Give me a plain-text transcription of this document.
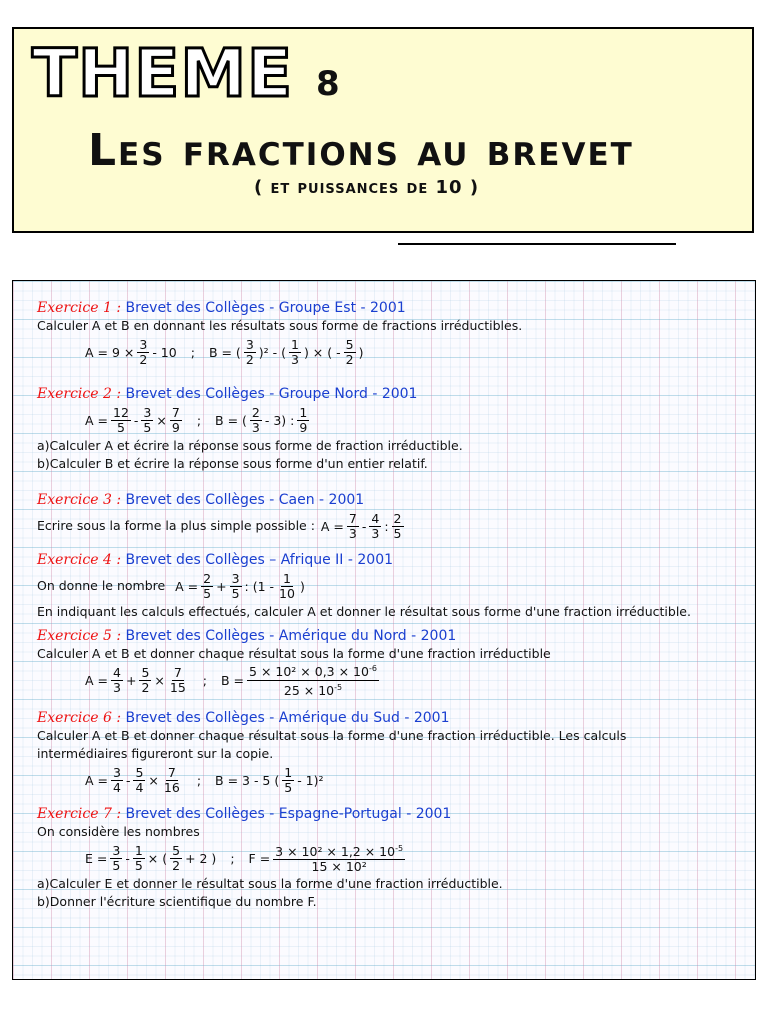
THEME 8
Les fractions au brevet
( et puissances de 10 )
Exercice 1 : Brevet des Collèges - Groupe Est - 2001
Calculer A et B en donnant les résultats sous forme de fractions irréductibles.
$A = 9 \times \frac{3}{2} - 10$ ; B = ( $\frac{3}{2} )^2$ - ( $\frac{1}{3}$ ) × ( - $\frac{5}{2}$ )
Exercice 2 : Brevet des Collèges - Groupe Nord - 2001
$A = \frac{12}{5} - \frac{3}{5} \times \frac{7}{9}$ ; B = ( $\frac{2}{3} - 3$) : $\frac{1}{9}$
a)Calculer A et écrire la réponse sous forme de fraction irréductible.
b)Calculer B et écrire la réponse sous forme d'un entier relatif.
Exercice 3 : Brevet des Collèges - Caen - 2001
Ecrire sous la forme la plus simple possible : $A = \frac{7}{3} - \frac{4}{3}$ : $\frac{2}{5}$
Exercice 4 : Brevet des Collèges – Afrique II - 2001
On donne le nombre $A = \frac{2}{5} + \frac{3}{5}$ : ($1 - \frac{1}{10}$ )
En indiquant les calculs effectués, calculer A et donner le résultat sous forme d'une fraction irréductible.
Exercice 5 : Brevet des Collèges - Amérique du Nord - 2001
Calculer A et B et donner chaque résultat sous la forme d'une fraction irréductible
$A = \frac{4}{3} + \frac{5}{2} \times \frac{7}{15}$ ; $B = \frac{5 \times 10^2 \times 0,3 \times 10^{-6}}{25 \times 10^{-5}}$
Exercice 6 : Brevet des Collèges - Amérique du Sud - 2001
Calculer A et B et donner chaque résultat sous la forme d'une fraction irréductible. Les calculs
intermédiaires figureront sur la copie.
$A = \frac{3}{4} - \frac{5}{4} \times \frac{7}{16}$ ; B = 3 - 5 ( $\frac{1}{5} - 1)^2$
Exercice 7 : Brevet des Collèges - Espagne-Portugal - 2001
On considère les nombres
$E = \frac{3}{5} - \frac{1}{5}$ × ( $\frac{5}{2} + 2$ ) ; $F = \frac{3 \times 10^2 \times 1,2 \times 10^{-5}}{\text{15 × 10²}}$
a)Calculer E et donner le résultat sous la forme d'une fraction irréductible.
b)Donner l'écriture scientifique du nombre F.
